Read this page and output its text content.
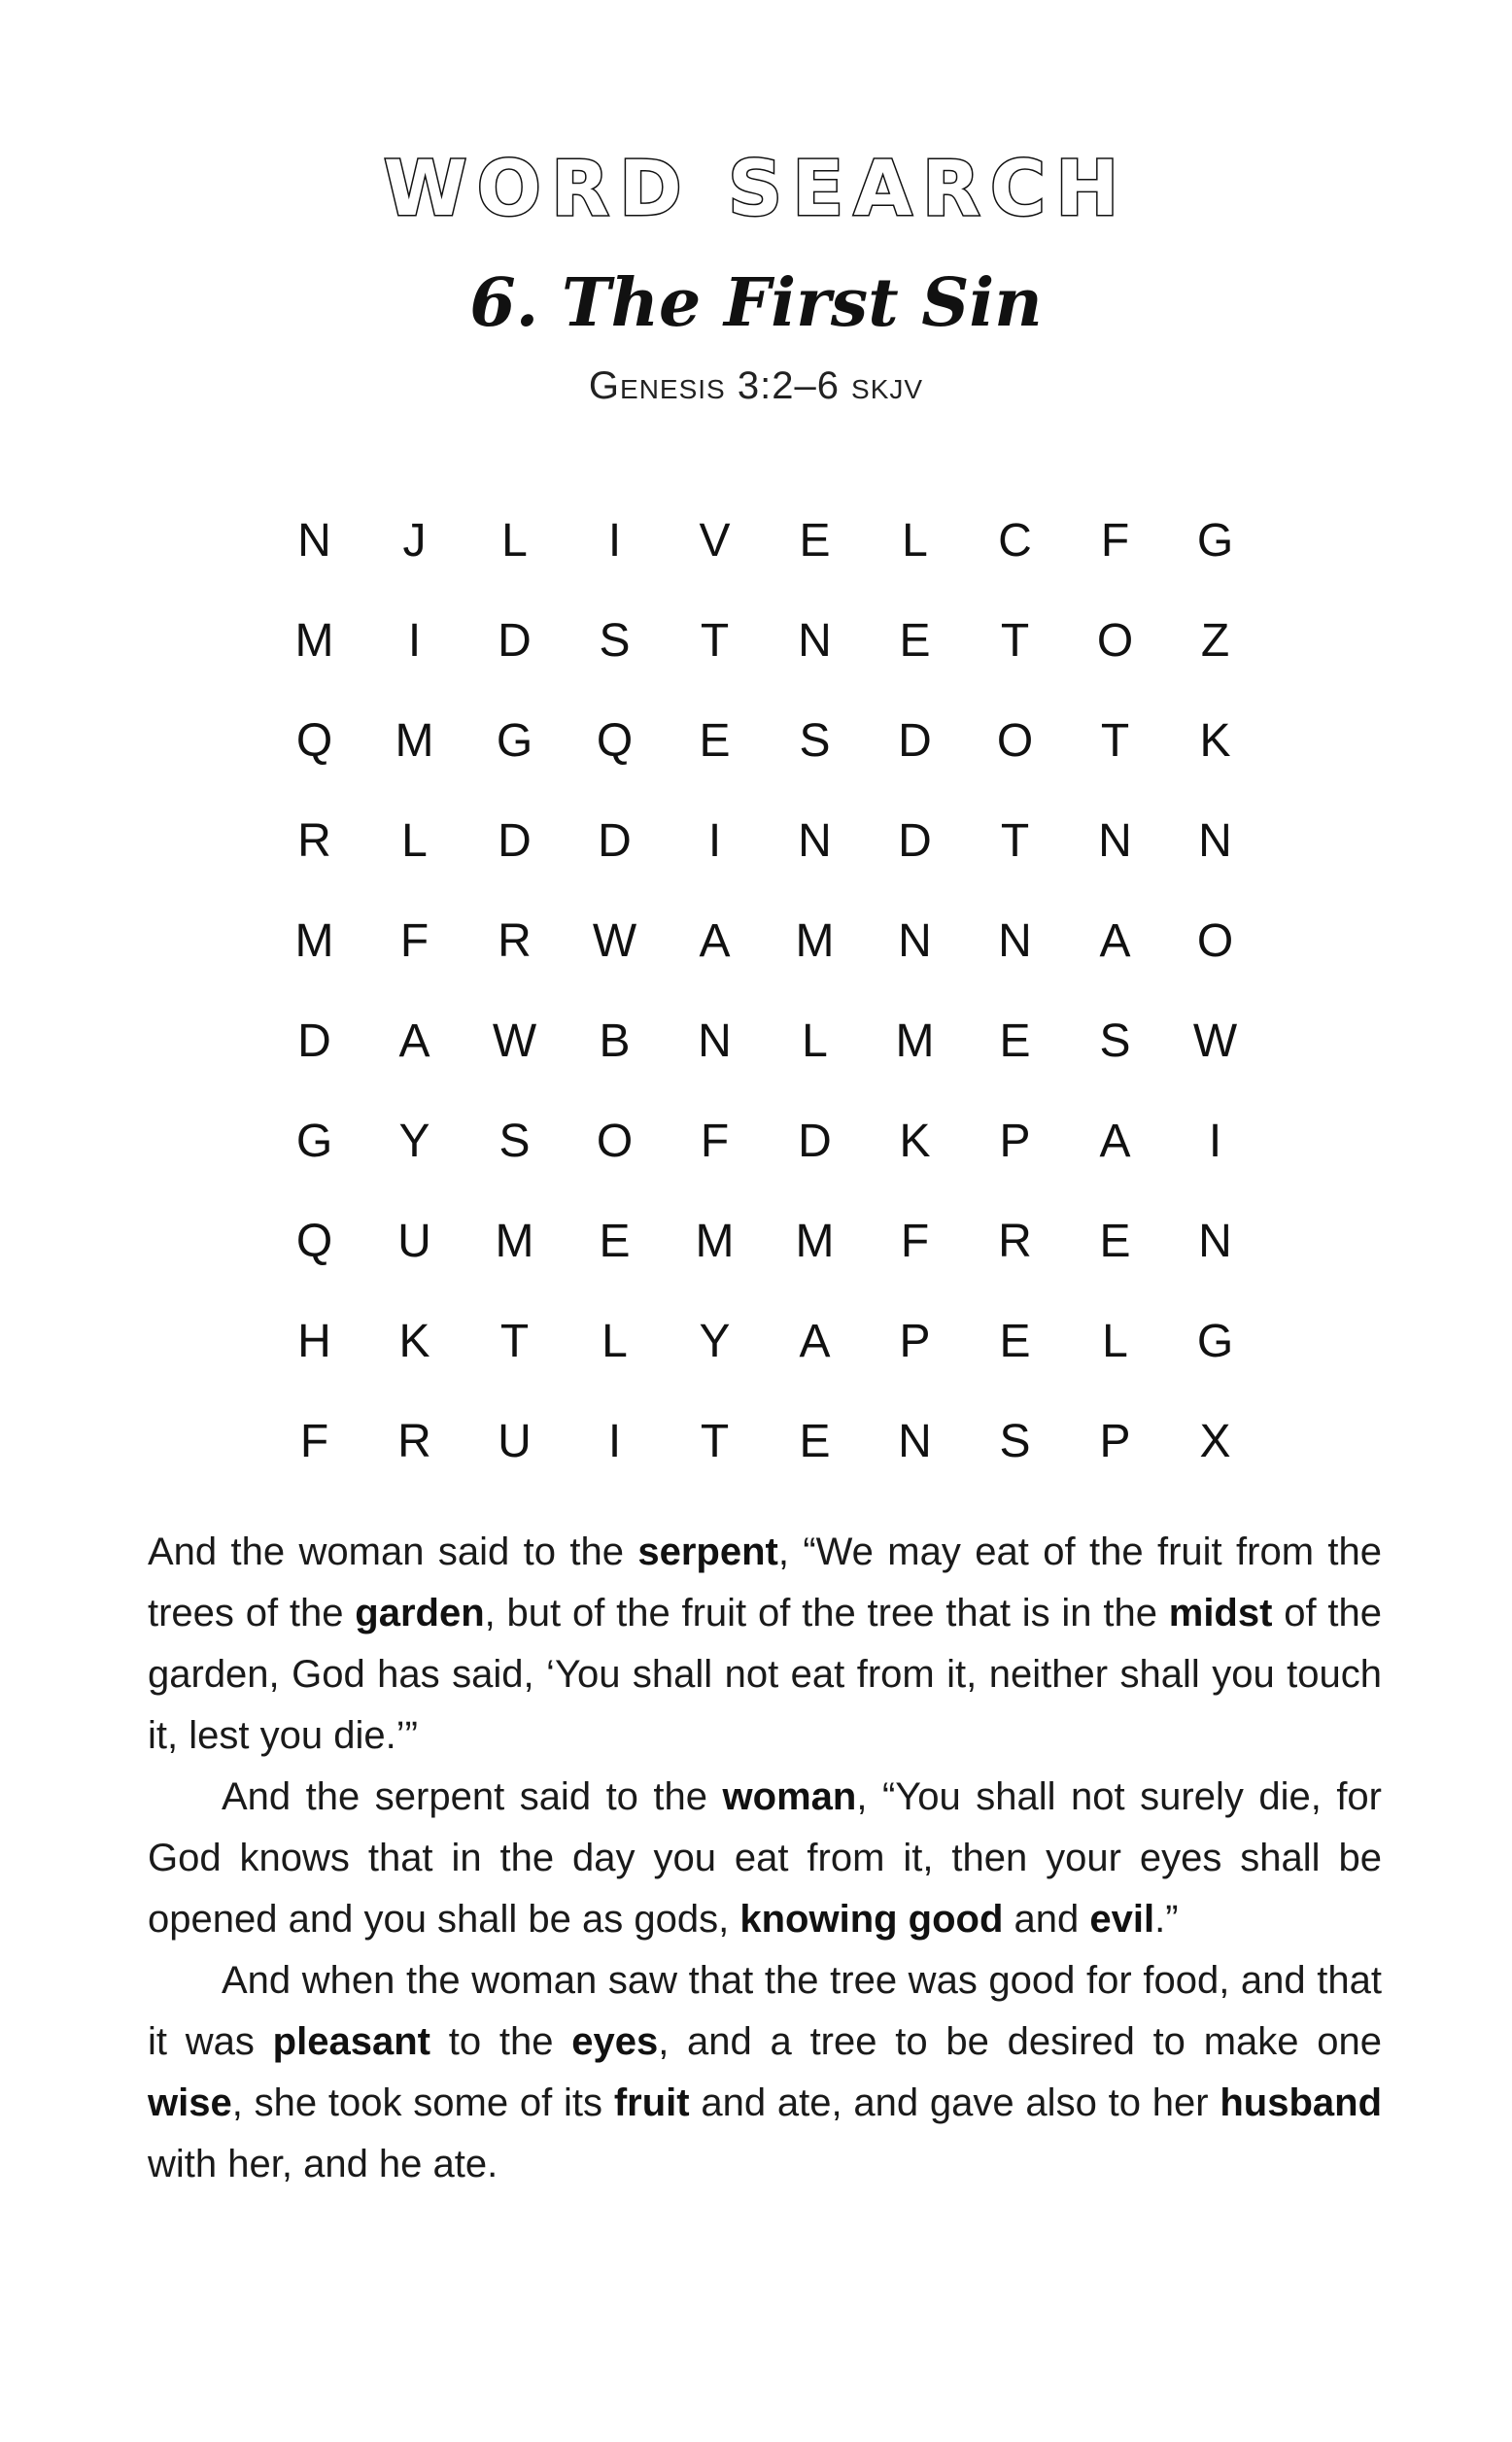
WORD SEARCH
6. The First Sin
Genesis 3:2–6 skjv
N	J	L	I	V	E	L	C	F	G
M	I	D	S	T	N	E	T	O	Z
Q	M	G	Q	E	S	D	O	T	K
R	L	D	D	I	N	D	T	N	N
M	F	R	W	A	M	N	N	A	O
D	A	W	B	N	L	M	E	S	W
G	Y	S	O	F	D	K	P	A	I
Q	U	M	E	M	M	F	R	E	N
H	K	T	L	Y	A	P	E	L	G
F	R	U	I	T	E	N	S	P	X

And the woman said to the serpent, “We may eat of the fruit from the trees of the garden, but of the fruit of the tree that is in the midst of the garden, God has said, ‘You shall not eat from it, neither shall you touch it, lest you die.’”

And the serpent said to the woman, “You shall not surely die, for God knows that in the day you eat from it, then your eyes shall be opened and you shall be as gods, knowing good and evil.”

And when the woman saw that the tree was good for food, and that it was pleasant to the eyes, and a tree to be desired to make one wise, she took some of its fruit and ate, and gave also to her husband with her, and he ate.
